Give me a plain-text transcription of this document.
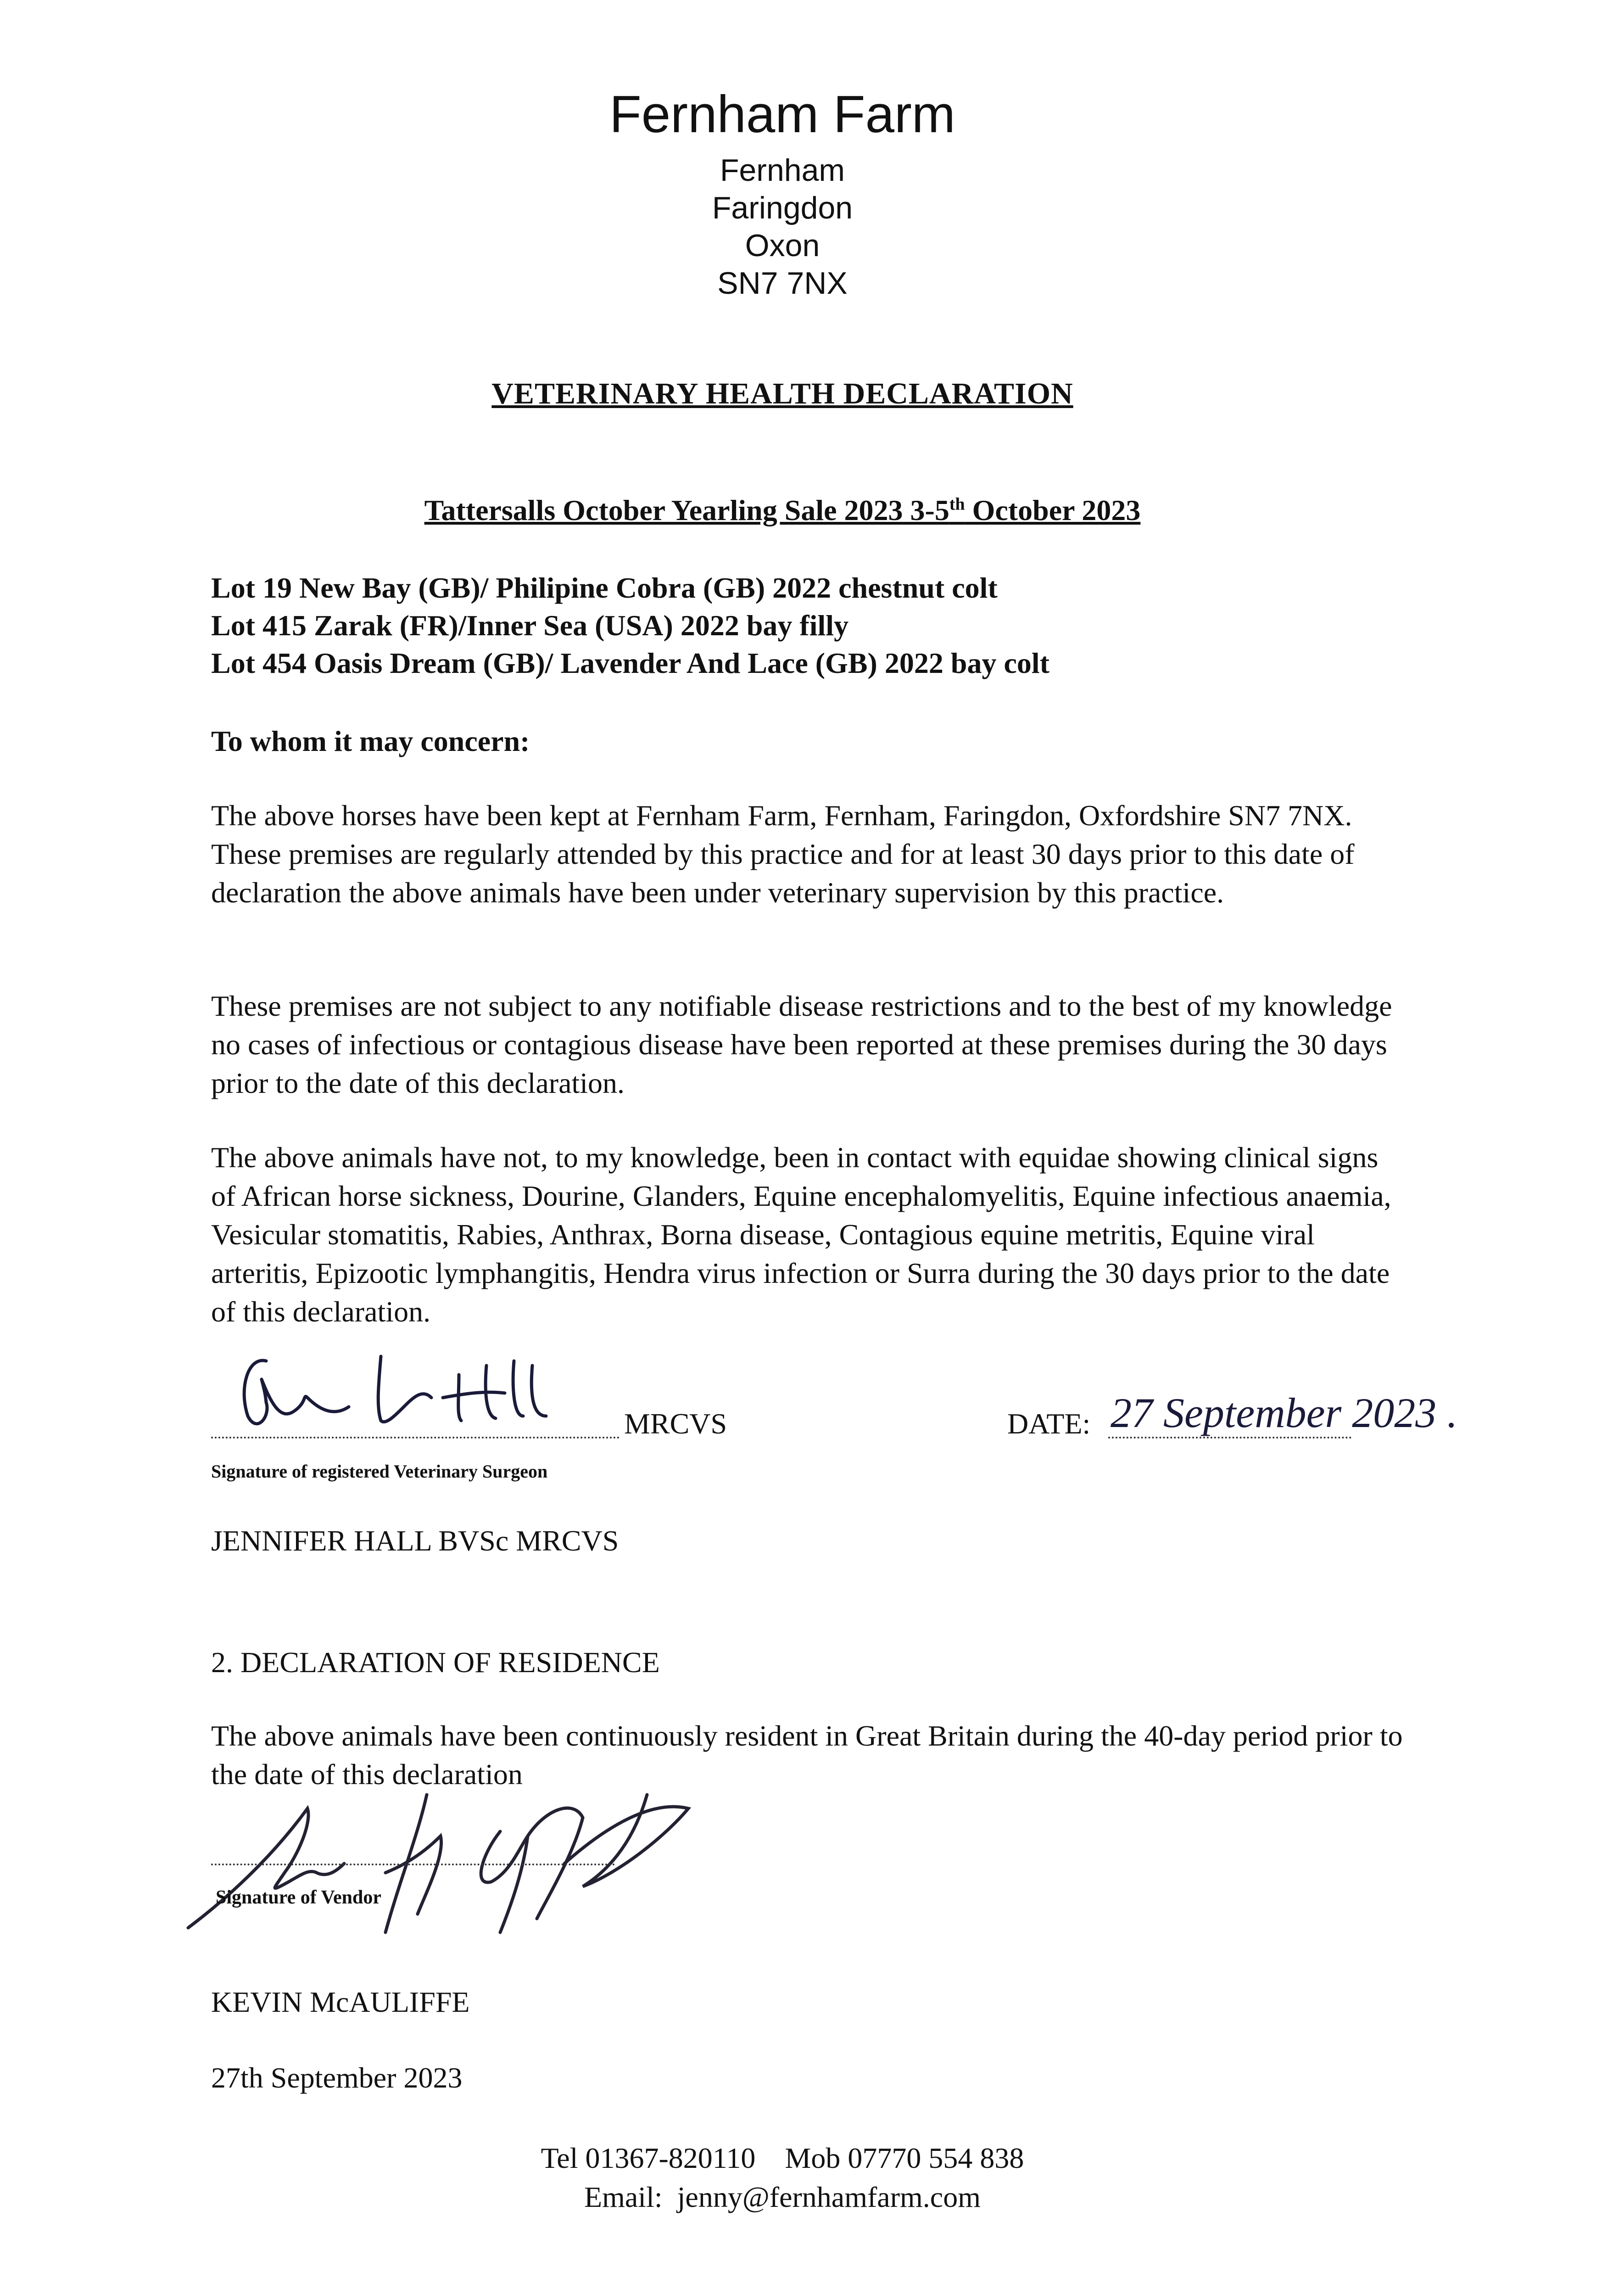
Fernham Farm
Fernham
Faringdon
Oxon
SN7 7NX
VETERINARY HEALTH DECLARATION
Tattersalls October Yearling Sale 2023 3-5th October 2023
Lot 19 New Bay (GB)/ Philipine Cobra (GB) 2022 chestnut colt
Lot 415 Zarak (FR)/Inner Sea (USA) 2022 bay filly
Lot 454 Oasis Dream (GB)/ Lavender And Lace (GB) 2022 bay colt
To whom it may concern:
The above horses have been kept at Fernham Farm, Fernham, Faringdon, Oxfordshire SN7 7NX. These premises are regularly attended by this practice and for at least 30 days prior to this date of declaration the above animals have been under veterinary supervision by this practice.
These premises are not subject to any notifiable disease restrictions and to the best of my knowledge no cases of infectious or contagious disease have been reported at these premises during the 30 days prior to the date of this declaration.
The above animals have not, to my knowledge, been in contact with equidae showing clinical signs of African horse sickness, Dourine, Glanders, Equine encephalomyelitis, Equine infectious anaemia, Vesicular stomatitis, Rabies, Anthrax, Borna disease, Contagious equine metritis, Equine viral arteritis, Epizootic lymphangitis, Hendra virus infection or Surra during the 30 days prior to the date of this declaration.
MRCVS	DATE: 27 September 2023 .
Signature of registered Veterinary Surgeon
JENNIFER HALL BVSc MRCVS
2. DECLARATION OF RESIDENCE
The above animals have been continuously resident in Great Britain during the 40-day period prior to the date of this declaration
Signature of Vendor
KEVIN McAULIFFE
27th September 2023
Tel 01367-820110    Mob 07770 554 838
Email:  jenny@fernhamfarm.com
